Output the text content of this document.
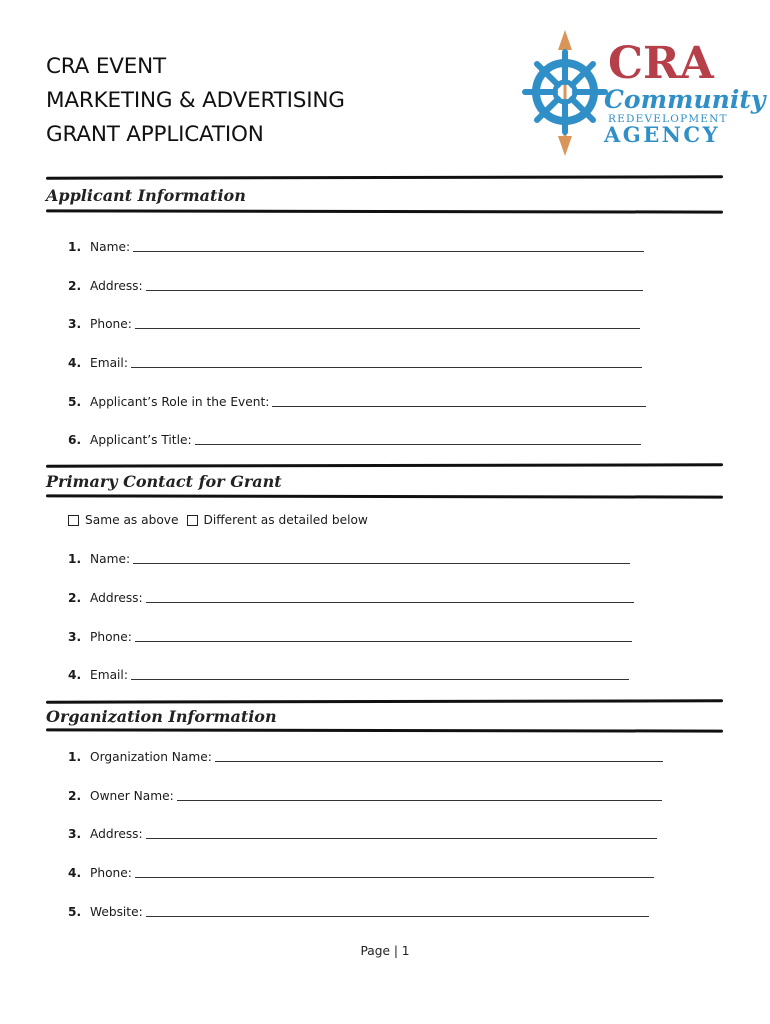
CRA EVENT
MARKETING & ADVERTISING
GRANT APPLICATION
CRA
Community
REDEVELOPMENT
AGENCY
Applicant Information
1. Name:
2. Address:
3. Phone:
4. Email:
5. Applicant’s Role in the Event:
6. Applicant’s Title:
Primary Contact for Grant
Same as above Different as detailed below
1. Name:
2. Address:
3. Phone:
4. Email:
Organization Information
1. Organization Name:
2. Owner Name:
3. Address:
4. Phone:
5. Website:
Page | 1
